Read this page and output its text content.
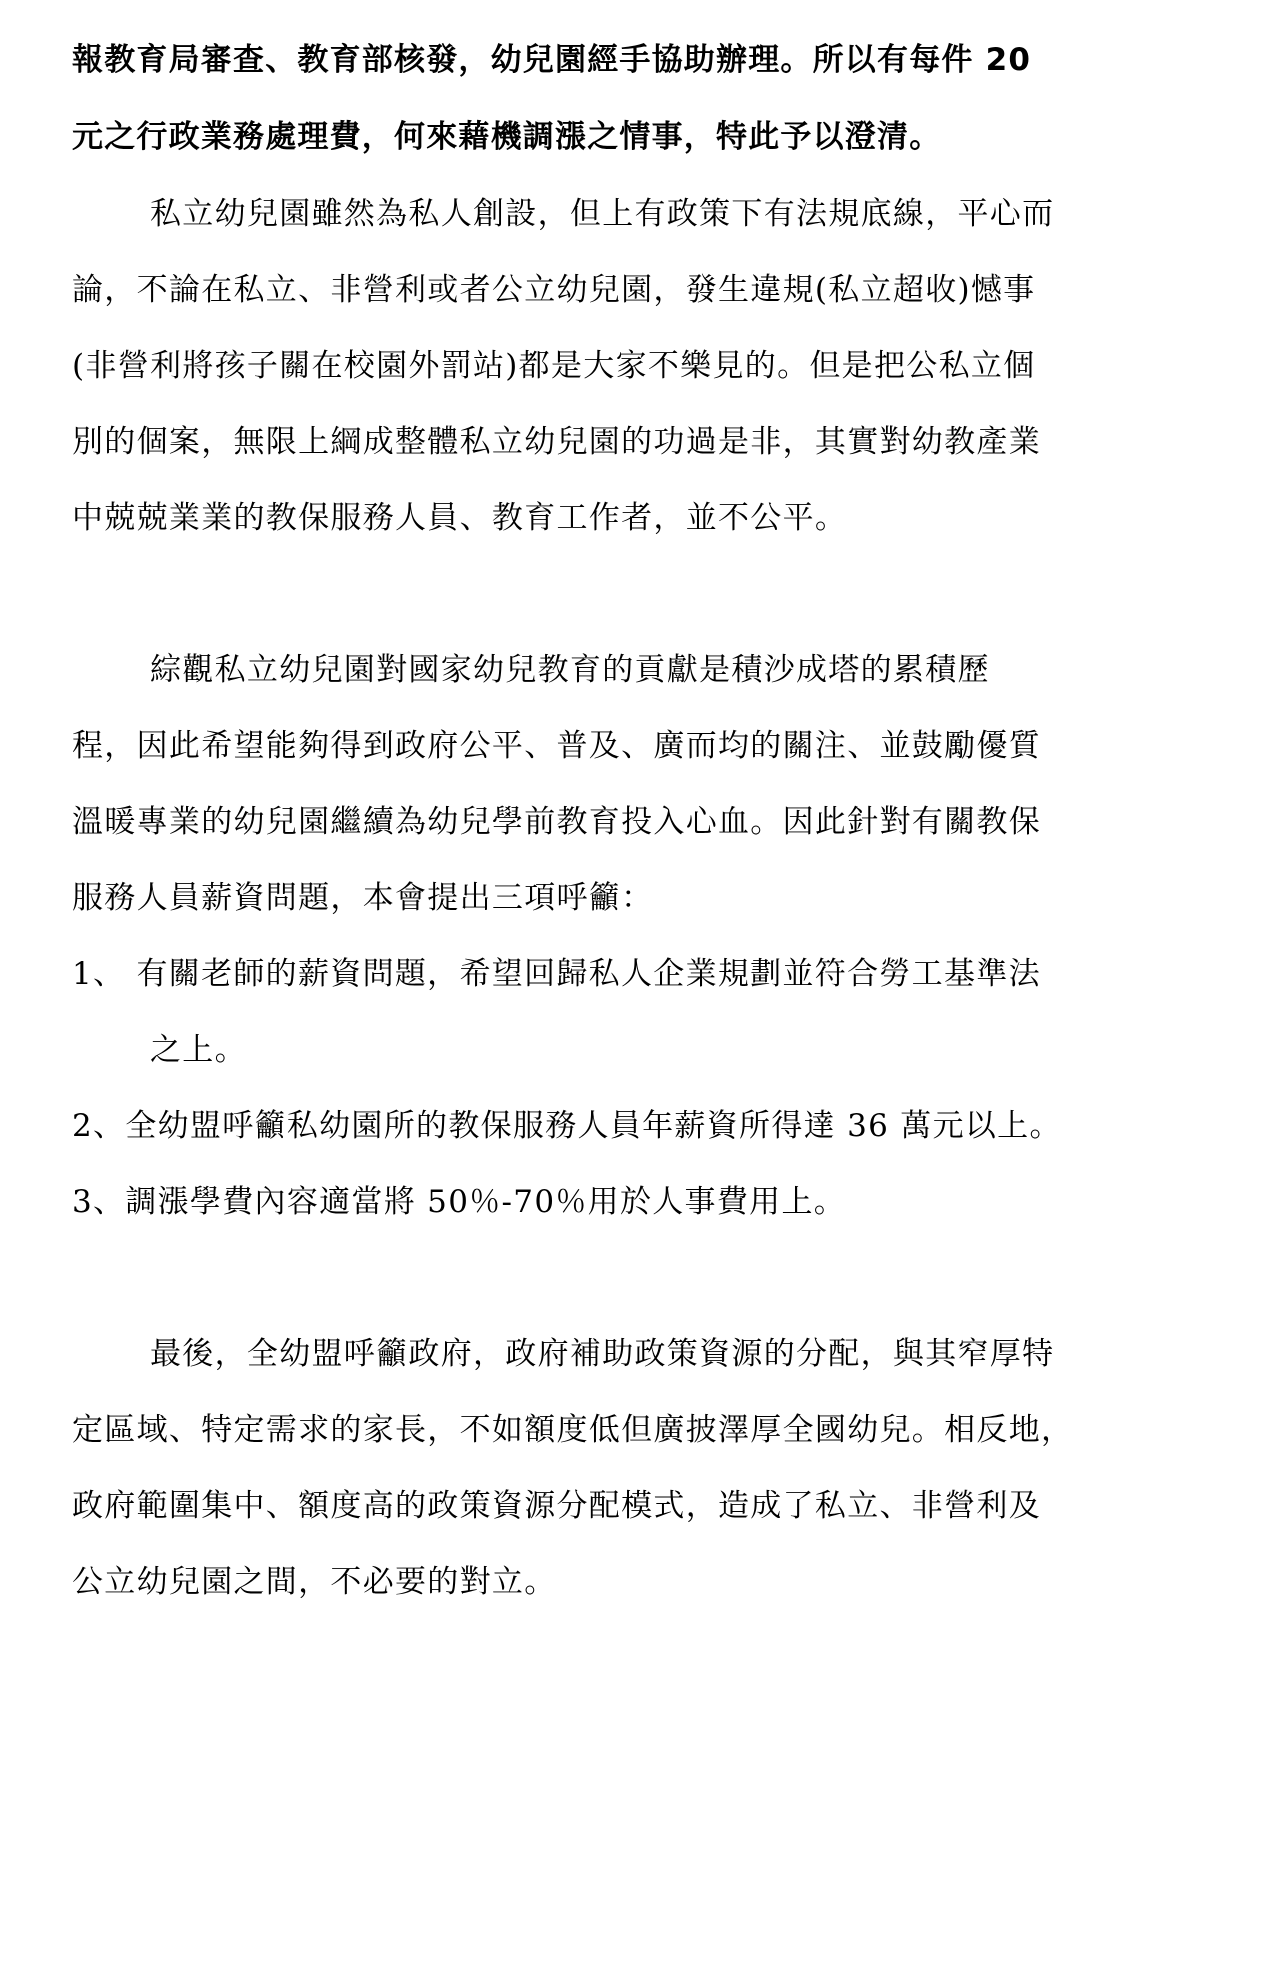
報教育局審查、教育部核發，幼兒園經手協助辦理。所以有每件 20
元之行政業務處理費，何來藉機調漲之情事，特此予以澄清。
私立幼兒園雖然為私人創設，但上有政策下有法規底線，平心而
論，不論在私立、非營利或者公立幼兒園，發生違規(私立超收)憾事
(非營利將孩子關在校園外罰站)都是大家不樂見的。但是把公私立個
別的個案，無限上綱成整體私立幼兒園的功過是非，其實對幼教產業
中兢兢業業的教保服務人員、教育工作者，並不公平。
綜觀私立幼兒園對國家幼兒教育的貢獻是積沙成塔的累積歷
程，因此希望能夠得到政府公平、普及、廣而均的關注、並鼓勵優質
溫暖專業的幼兒園繼續為幼兒學前教育投入心血。因此針對有關教保
服務人員薪資問題，本會提出三項呼籲：
1、 有關老師的薪資問題，希望回歸私人企業規劃並符合勞工基準法
之上。
2、全幼盟呼籲私幼園所的教保服務人員年薪資所得達 36 萬元以上。
3、調漲學費內容適當將 50％-70％用於人事費用上。
最後，全幼盟呼籲政府，政府補助政策資源的分配，與其窄厚特
定區域、特定需求的家長，不如額度低但廣披澤厚全國幼兒。相反地，
政府範圍集中、額度高的政策資源分配模式，造成了私立、非營利及
公立幼兒園之間，不必要的對立。
